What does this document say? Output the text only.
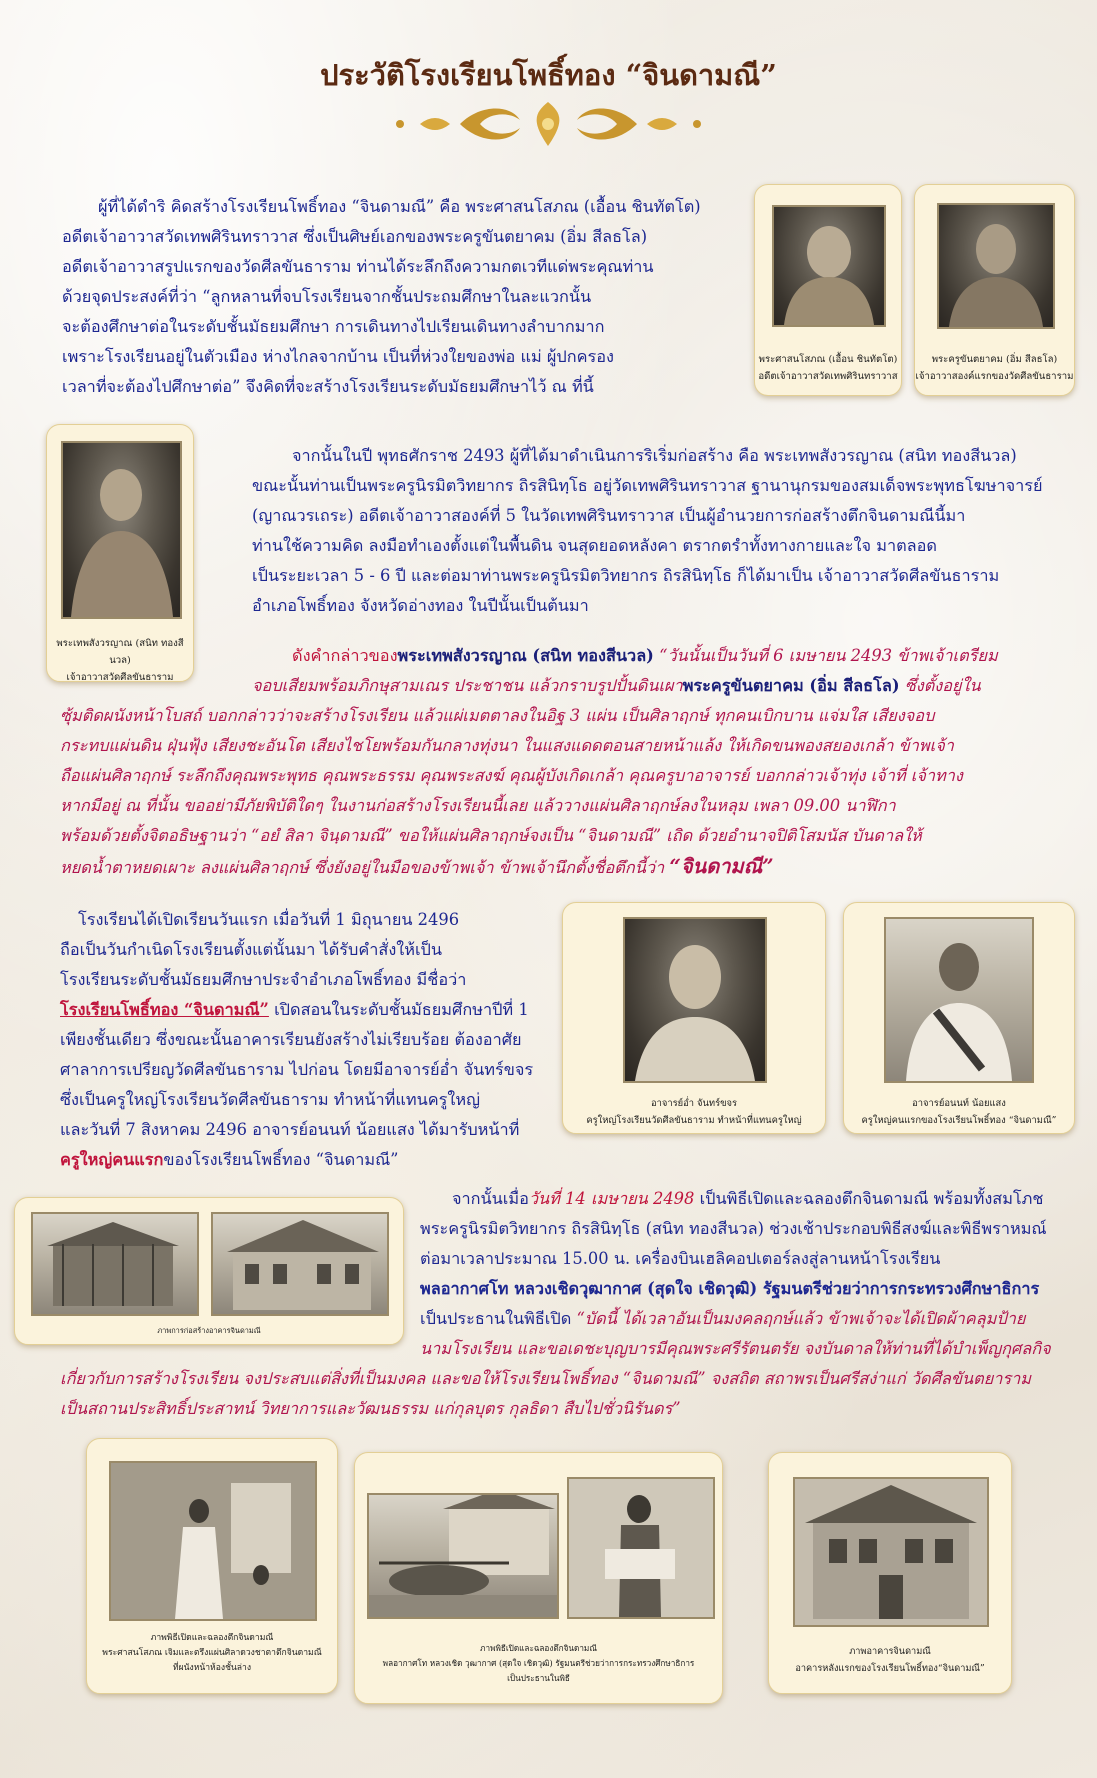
ประวัติโรงเรียนโพธิ์ทอง “จินดามณี”
ผู้ที่ได้ดำริ คิดสร้างโรงเรียนโพธิ์ทอง “จินดามณี” คือ พระศาสนโสภณ (เอื้อน ชินทัตโต)
อดีตเจ้าอาวาสวัดเทพศิรินทราวาส ซึ่งเป็นศิษย์เอกของพระครูขันตยาคม (อิ่ม สีลธโล)
อดีตเจ้าอาวาสรูปแรกของวัดศีลขันธาราม ท่านได้ระลึกถึงความกตเวทีแด่พระคุณท่าน
ด้วยจุดประสงค์ที่ว่า “ลูกหลานที่จบโรงเรียนจากชั้นประถมศึกษาในละแวกนั้น
จะต้องศึกษาต่อในระดับชั้นมัธยมศึกษา การเดินทางไปเรียนเดินทางลำบากมาก
เพราะโรงเรียนอยู่ในตัวเมือง ห่างไกลจากบ้าน เป็นที่ห่วงใยของพ่อ แม่ ผู้ปกครอง
เวลาที่จะต้องไปศึกษาต่อ” จึงคิดที่จะสร้างโรงเรียนระดับมัธยมศึกษาไว้ ณ ที่นี้
พระศาสนโสภณ (เอื้อน ชินทัตโต)
อดีตเจ้าอาวาสวัดเทพศิรินทราวาส
พระครูขันตยาคม (อิ่ม สีลธโล)
เจ้าอาวาสองค์แรกของวัดศีลขันธาราม
พระเทพสังวรญาณ (สนิท ทองสีนวล)
เจ้าอาวาสวัดศีลขันธาราม
จากนั้นในปี พุทธศักราช 2493 ผู้ที่ได้มาดำเนินการริเริ่มก่อสร้าง คือ พระเทพสังวรญาณ (สนิท ทองสีนวล)
ขณะนั้นท่านเป็นพระครูนิรมิตวิทยากร ถิรสินิทฺโธ อยู่วัดเทพศิรินทราวาส ฐานานุกรมของสมเด็จพระพุทธโฆษาจารย์
(ญาณวรเถระ) อดีตเจ้าอาวาสองค์ที่ 5 ในวัดเทพศิรินทราวาส เป็นผู้อำนวยการก่อสร้างตึกจินดามณีนี้มา
ท่านใช้ความคิด ลงมือทำเองตั้งแต่ในพื้นดิน จนสุดยอดหลังคา ตรากตรำทั้งทางกายและใจ มาตลอด
เป็นระยะเวลา 5 - 6 ปี และต่อมาท่านพระครูนิรมิตวิทยากร ถิรสินิทฺโธ ก็ได้มาเป็น เจ้าอาวาสวัดศีลขันธาราม
อำเภอโพธิ์ทอง จังหวัดอ่างทอง ในปีนั้นเป็นต้นมา
ดังคำกล่าวของพระเทพสังวรญาณ (สนิท ทองสีนวล) “วันนั้นเป็นวันที่ 6 เมษายน 2493 ข้าพเจ้าเตรียม
จอบเสียมพร้อมภิกษุสามเณร ประชาชน แล้วกราบรูปปั้นดินเผาพระครูขันตยาคม (อิ่ม สีลธโล) ซึ่งตั้งอยู่ใน
ซุ้มติดผนังหน้าโบสถ์ บอกกล่าวว่าจะสร้างโรงเรียน แล้วแผ่เมตตาลงในอิฐ 3 แผ่น เป็นศิลาฤกษ์ ทุกคนเบิกบาน แจ่มใส เสียงจอบ
กระทบแผ่นดิน ฝุ่นฟุ้ง เสียงชะอันโต เสียงไชโยพร้อมกันกลางทุ่งนา ในแสงแดดตอนสายหน้าแล้ง ให้เกิดขนพองสยองเกล้า ข้าพเจ้า
ถือแผ่นศิลาฤกษ์ ระลึกถึงคุณพระพุทธ คุณพระธรรม คุณพระสงฆ์ คุณผู้บังเกิดเกล้า คุณครูบาอาจารย์ บอกกล่าวเจ้าทุ่ง เจ้าที่ เจ้าทาง
หากมีอยู่ ณ ที่นั้น ขออย่ามีภัยพิบัติใดๆ ในงานก่อสร้างโรงเรียนนี้เลย แล้ววางแผ่นศิลาฤกษ์ลงในหลุม เพลา 09.00 นาฬิกา
พร้อมด้วยตั้งจิตอธิษฐานว่า “อยํ สิลา จินฺดามณี” ขอให้แผ่นศิลาฤกษ์จงเป็น “จินดามณี” เถิด ด้วยอำนาจปิติโสมนัส บันดาลให้
หยดน้ำตาหยดเผาะ ลงแผ่นศิลาฤกษ์ ซึ่งยังอยู่ในมือของข้าพเจ้า ข้าพเจ้านึกตั้งชื่อตึกนี้ว่า “จินดามณี”
โรงเรียนได้เปิดเรียนวันแรก เมื่อวันที่ 1 มิถุนายน 2496
ถือเป็นวันกำเนิดโรงเรียนตั้งแต่นั้นมา ได้รับคำสั่งให้เป็น
โรงเรียนระดับชั้นมัธยมศึกษาประจำอำเภอโพธิ์ทอง มีชื่อว่า
โรงเรียนโพธิ์ทอง “จินดามณี” เปิดสอนในระดับชั้นมัธยมศึกษาปีที่ 1
เพียงชั้นเดียว ซึ่งขณะนั้นอาคารเรียนยังสร้างไม่เรียบร้อย ต้องอาศัย
ศาลาการเปรียญวัดศีลขันธาราม ไปก่อน โดยมีอาจารย์อ่ำ จันทร์ขจร
ซึ่งเป็นครูใหญ่โรงเรียนวัดศีลขันธาราม ทำหน้าที่แทนครูใหญ่
และวันที่ 7 สิงหาคม 2496 อาจารย์อนนท์ น้อยแสง ได้มารับหน้าที่
ครูใหญ่คนแรกของโรงเรียนโพธิ์ทอง “จินดามณี”
อาจารย์อ่ำ จันทร์ขจร
ครูใหญ่โรงเรียนวัดศีลขันธาราม ทำหน้าที่แทนครูใหญ่
อาจารย์อนนท์ น้อยแสง
ครูใหญ่คนแรกของโรงเรียนโพธิ์ทอง “จินดามณี”
ภาพการก่อสร้างอาคารจินดามณี
จากนั้นเมื่อวันที่ 14 เมษายน 2498 เป็นพิธีเปิดและฉลองตึกจินดามณี พร้อมทั้งสมโภช
พระครูนิรมิตวิทยากร ถิรสินิทฺโธ (สนิท ทองสีนวล) ช่วงเช้าประกอบพิธีสงฆ์และพิธีพราหมณ์
ต่อมาเวลาประมาณ 15.00 น. เครื่องบินเฮลิคอปเตอร์ลงสู่ลานหน้าโรงเรียน
พลอากาศโท หลวงเชิดวุฒากาศ (สุดใจ เชิดวุฒิ) รัฐมนตรีช่วยว่าการกระทรวงศึกษาธิการ
เป็นประธานในพิธีเปิด “บัดนี้ ได้เวลาอันเป็นมงคลฤกษ์แล้ว ข้าพเจ้าจะได้เปิดผ้าคลุมป้าย
นามโรงเรียน และขอเดชะบุญบารมีคุณพระศรีรัตนตรัย จงบันดาลให้ท่านที่ได้บำเพ็ญกุศลกิจ
เกี่ยวกับการสร้างโรงเรียน จงประสบแต่สิ่งที่เป็นมงคล และขอให้โรงเรียนโพธิ์ทอง “จินดามณี” จงสถิต สถาพรเป็นศรีสง่าแก่ วัดศีลขันตยาราม
เป็นสถานประสิทธิ์ประสาทน์ วิทยาการและวัฒนธรรม แก่กุลบุตร กุลธิดา สืบไปชั่วนิรันดร”
ภาพพิธีเปิดและฉลองตึกจินดามณี
พระศาสนโสภณ เจิมและตรึงแผ่นศิลาดวงชาตาตึกจินดามณี
ที่ผนังหน้าห้องชั้นล่าง
ภาพพิธีเปิดและฉลองตึกจินดามณี
พลอากาศโท หลวงเชิด วุฒากาศ (สุดใจ เชิดวุฒิ) รัฐมนตรีช่วยว่าการกระทรวงศึกษาธิการ
เป็นประธานในพิธี
ภาพอาคารจินดามณี
อาคารหลังแรกของโรงเรียนโพธิ์ทอง“จินดามณี”
